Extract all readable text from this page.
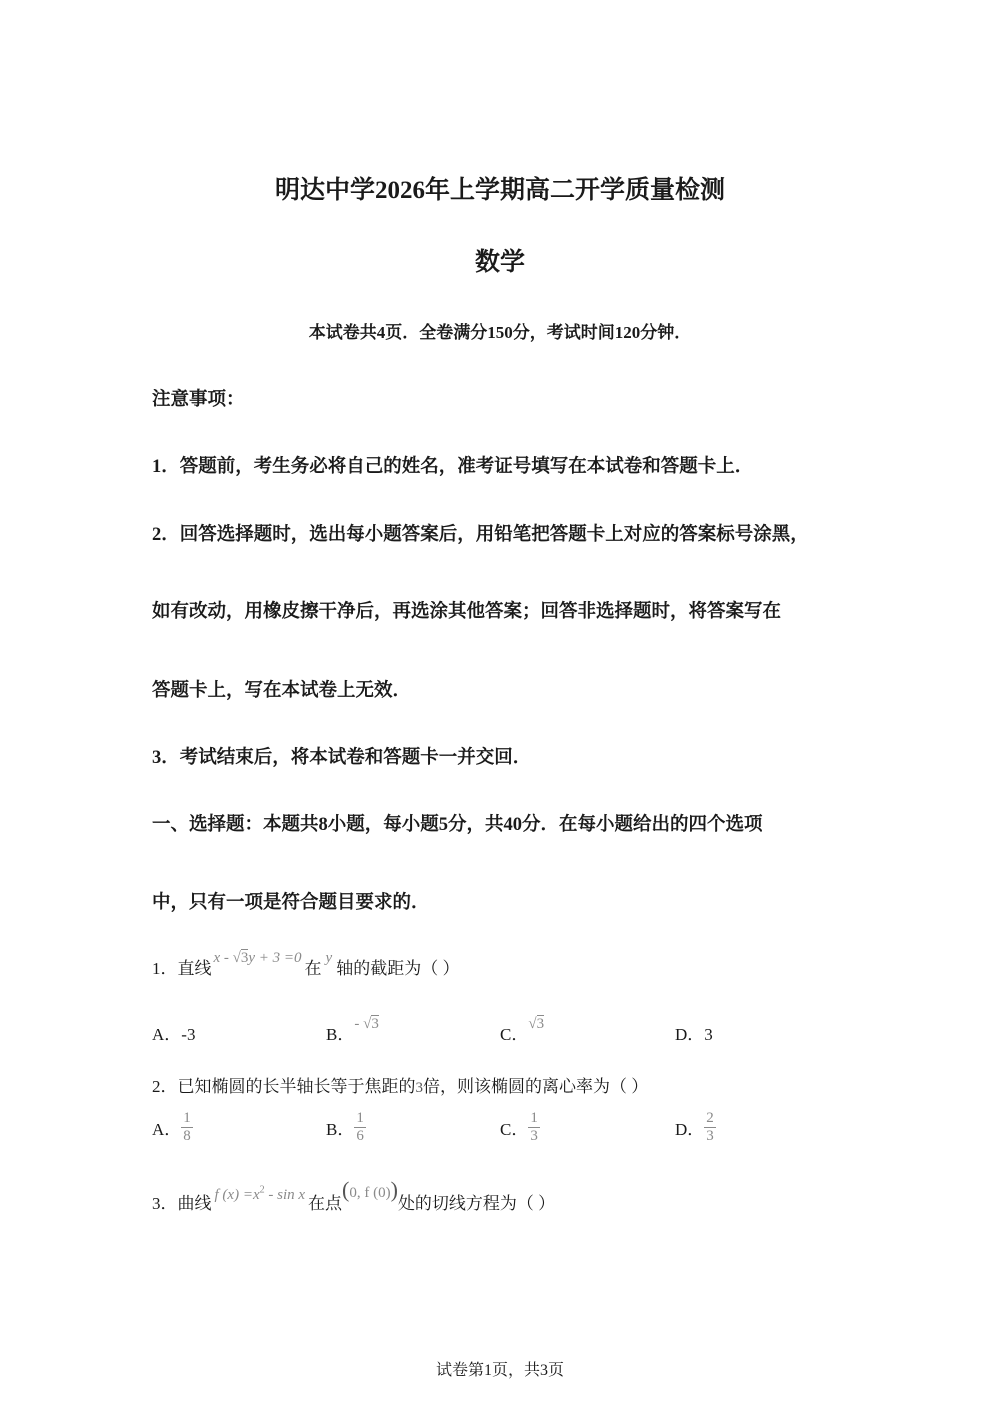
明达中学2026年上学期高二开学质量检测
数学
本试卷共4页．全卷满分150分，考试时间120分钟．
注意事项：
1．答题前，考生务必将自己的姓名，准考证号填写在本试卷和答题卡上．
2．回答选择题时，选出每小题答案后，用铅笔把答题卡上对应的答案标号涂黑，
如有改动，用橡皮擦干净后，再选涂其他答案；回答非选择题时，将答案写在
答题卡上，写在本试卷上无效．
3．考试结束后，将本试卷和答题卡一并交回．
一、选择题：本题共8小题，每小题5分，共40分．在每小题给出的四个选项
中，只有一项是符合题目要求的．
1．直线x - √3y + 3 =0在y轴的截距为（ ）
A．-3	B．- √3
C．√3
D．3
2．已知椭圆的长半轴长等于焦距的3倍，则该椭圆的离心率为（ ）
A． $\frac{1}{8}$	B． $\frac{1}{6}$	C． $\frac{1}{3}$	D． $\frac{2}{3}$
3．曲线 f $(x) =x^2 - \sin x$ 在点(0, f (0))处的切线方程为（ ）
试卷第1页，共3页
